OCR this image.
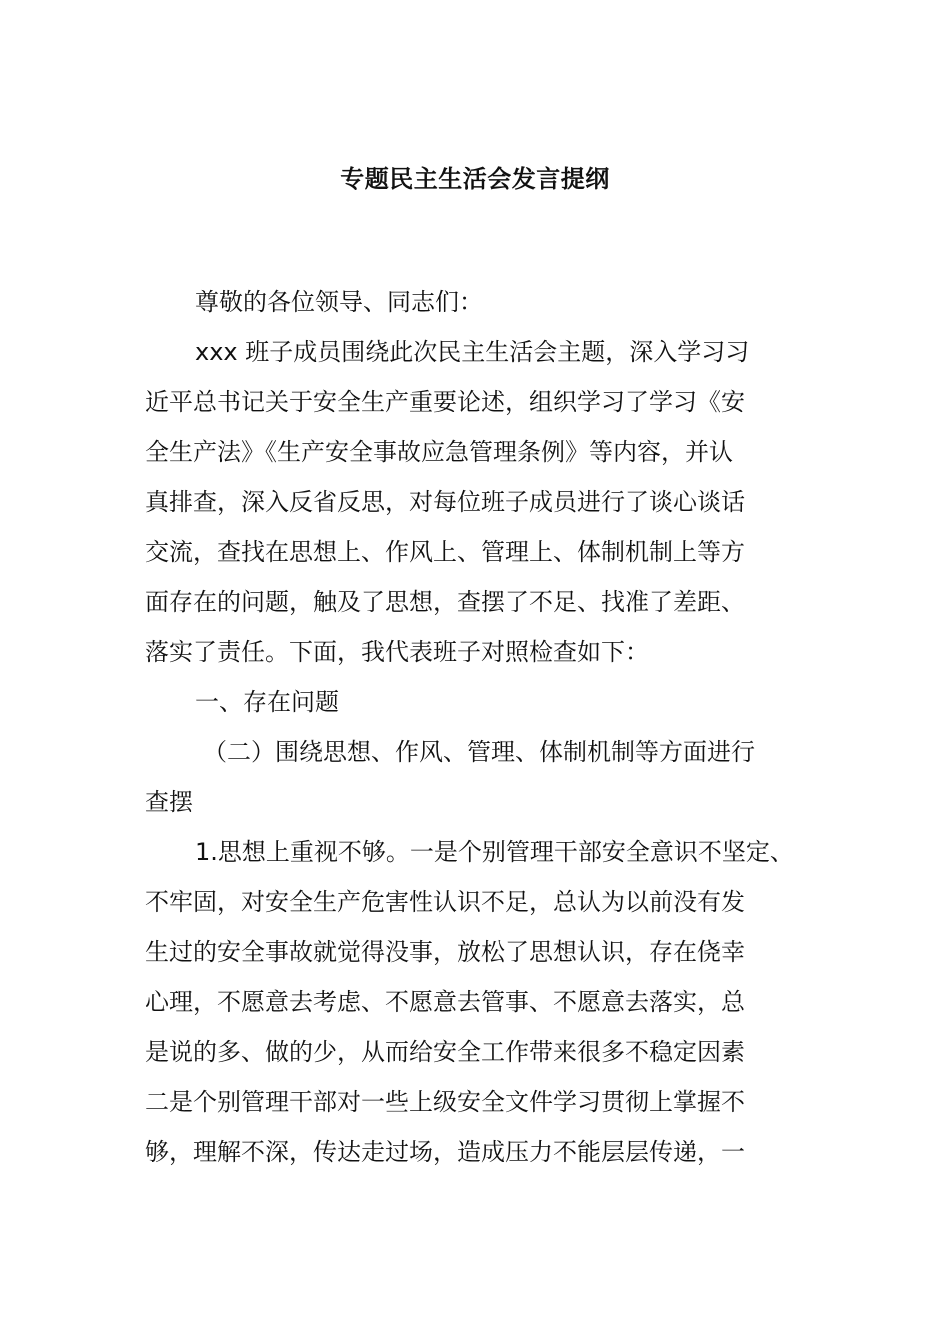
专题民主生活会发言提纲
尊敬的各位领导、同志们：
xxx 班子成员围绕此次民主生活会主题，深入学习习
近平总书记关于安全生产重要论述，组织学习了学习《安
全生产法》《生产安全事故应急管理条例》等内容，并认
真排查，深入反省反思，对每位班子成员进行了谈心谈话
交流，查找在思想上、作风上、管理上、体制机制上等方
面存在的问题，触及了思想，查摆了不足、找准了差距、
落实了责任。下面，我代表班子对照检查如下：
一、存在问题
（二）围绕思想、作风、管理、体制机制等方面进行
查摆
1.思想上重视不够。一是个别管理干部安全意识不坚定、
不牢固，对安全生产危害性认识不足，总认为以前没有发
生过的安全事故就觉得没事，放松了思想认识，存在侥幸
心理，不愿意去考虑、不愿意去管事、不愿意去落实，总
是说的多、做的少，从而给安全工作带来很多不稳定因素
二是个别管理干部对一些上级安全文件学习贯彻上掌握不
够，理解不深，传达走过场，造成压力不能层层传递，一
